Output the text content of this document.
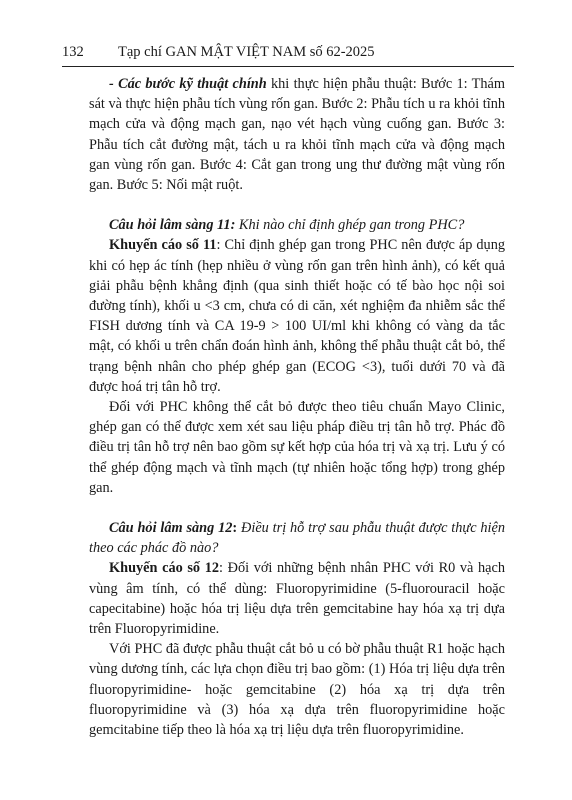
132 Tạp chí GAN MẬT VIỆT NAM số 62-2025

- Các bước kỹ thuật chính khi thực hiện phẫu thuật: Bước 1: Thám sát và thực hiện phẫu tích vùng rốn gan. Bước 2: Phẫu tích u ra khỏi tĩnh mạch cửa và động mạch gan, nạo vét hạch vùng cuống gan. Bước 3: Phẫu tích cắt đường mật, tách u ra khỏi tĩnh mạch cửa và động mạch gan vùng rốn gan. Bước 4: Cắt gan trong ung thư đường mật vùng rốn gan. Bước 5: Nối mật ruột.

Câu hỏi lâm sàng 11: Khi nào chỉ định ghép gan trong PHC?

Khuyến cáo số 11: Chỉ định ghép gan trong PHC nên được áp dụng khi có hẹp ác tính (hẹp nhiều ở vùng rốn gan trên hình ảnh), có kết quả giải phẫu bệnh khẳng định (qua sinh thiết hoặc có tế bào học nội soi đường tính), khối u <3 cm, chưa có di căn, xét nghiệm đa nhiễm sắc thể FISH dương tính và CA 19-9 > 100 UI/ml khi không có vàng da tắc mật, có khối u trên chẩn đoán hình ảnh, không thể phẫu thuật cắt bỏ, thể trạng bệnh nhân cho phép ghép gan (ECOG <3), tuổi dưới 70 và đã được hoá trị tân hỗ trợ.

Đối với PHC không thể cắt bỏ được theo tiêu chuẩn Mayo Clinic, ghép gan có thể được xem xét sau liệu pháp điều trị tân hỗ trợ. Phác đồ điều trị tân hỗ trợ nên bao gồm sự kết hợp của hóa trị và xạ trị. Lưu ý có thể ghép động mạch và tĩnh mạch (tự nhiên hoặc tổng hợp) trong ghép gan.

Câu hỏi lâm sàng 12: Điều trị hỗ trợ sau phẫu thuật được thực hiện theo các phác đồ nào?

Khuyến cáo số 12: Đối với những bệnh nhân PHC với R0 và hạch vùng âm tính, có thể dùng: Fluoropyrimidine (5-fluorouracil hoặc capecitabine) hoặc hóa trị liệu dựa trên gemcitabine hay hóa xạ trị dựa trên Fluoropyrimidine.

Với PHC đã được phẫu thuật cắt bỏ u có bờ phẫu thuật R1 hoặc hạch vùng dương tính, các lựa chọn điều trị bao gồm: (1) Hóa trị liệu dựa trên fluoropyrimidine- hoặc gemcitabine (2) hóa xạ trị dựa trên fluoropyrimidine và (3) hóa xạ dựa trên fluoropyrimidine hoặc gemcitabine tiếp theo là hóa xạ trị liệu dựa trên fluoropyrimidine.
